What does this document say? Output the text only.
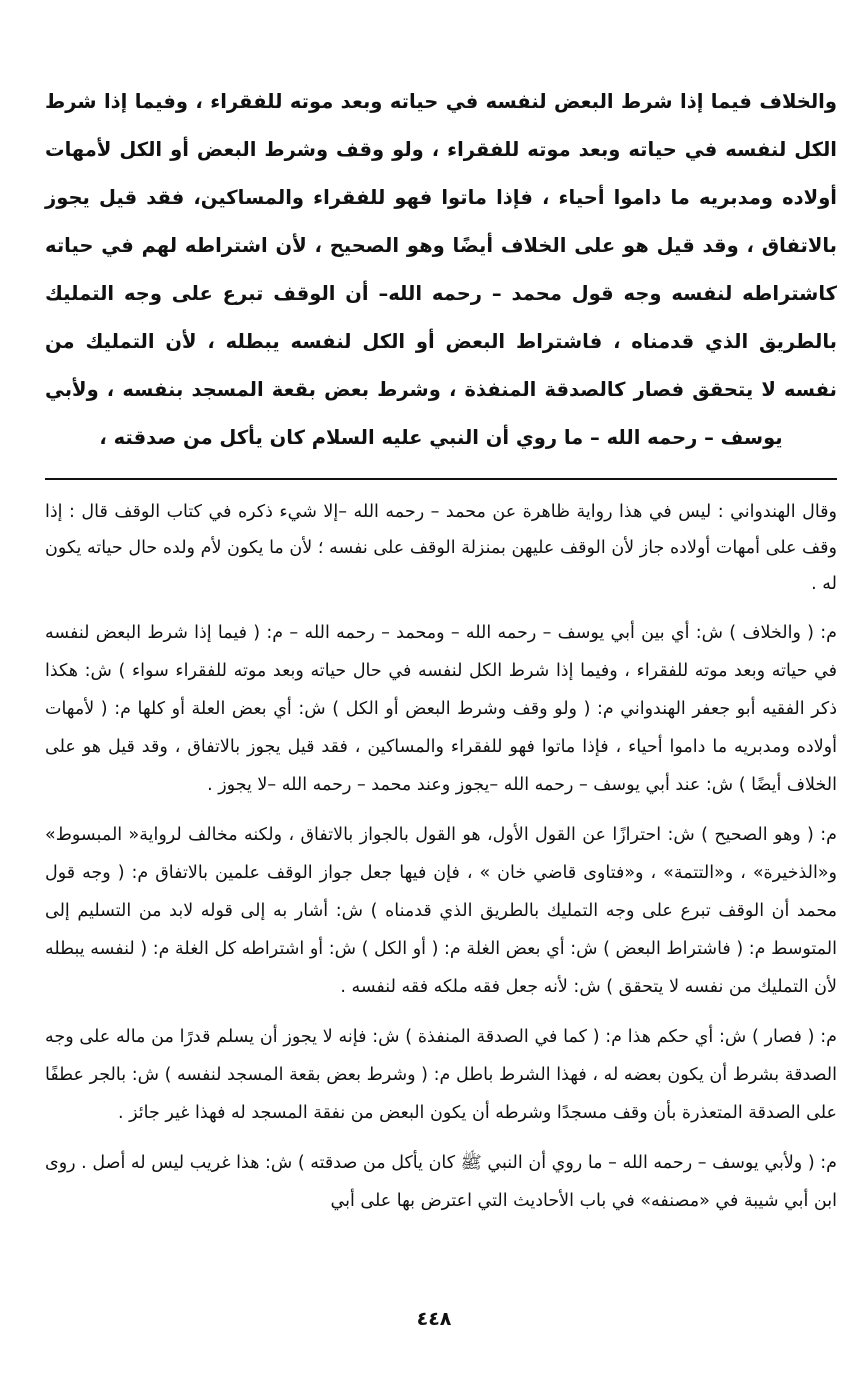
والخلاف فيما إذا شرط البعض لنفسه في حياته وبعد موته للفقراء ، وفيما إذا شرط الكل لنفسه في حياته وبعد موته للفقراء ، ولو وقف وشرط البعض أو الكل لأمهات أولاده ومدبريه ما داموا أحياء ، فإذا ماتوا فهو للفقراء والمساكين، فقد قيل يجوز بالاتفاق ، وقد قيل هو على الخلاف أيضًا وهو الصحيح ، لأن اشتراطه لهم في حياته كاشتراطه لنفسه وجه قول محمد – رحمه الله– أن الوقف تبرع على وجه التمليك بالطريق الذي قدمناه ، فاشتراط البعض أو الكل لنفسه يبطله ، لأن التمليك من نفسه لا يتحقق فصار كالصدقة المنفذة ، وشرط بعض بقعة المسجد بنفسه ، ولأبي يوسف – رحمه الله – ما روي أن النبي عليه السلام كان يأكل من صدقته ،

وقال الهندواني : ليس في هذا رواية ظاهرة عن محمد – رحمه الله –إلا شيء ذكره في كتاب الوقف قال : إذا وقف على أمهات أولاده جاز لأن الوقف عليهن بمنزلة الوقف على نفسه ؛ لأن ما يكون لأم ولده حال حياته يكون له .

م: ( والخلاف ) ش: أي بين أبي يوسف – رحمه الله – ومحمد – رحمه الله – م: ( فيما إذا شرط البعض لنفسه في حياته وبعد موته للفقراء ، وفيما إذا شرط الكل لنفسه في حال حياته وبعد موته للفقراء سواء ) ش: هكذا ذكر الفقيه أبو جعفر الهندواني م: ( ولو وقف وشرط البعض أو الكل ) ش: أي بعض العلة أو كلها م: ( لأمهات أولاده ومدبريه ما داموا أحياء ، فإذا ماتوا فهو للفقراء والمساكين ، فقد قيل يجوز بالاتفاق ، وقد قيل هو على الخلاف أيضًا ) ش: عند أبي يوسف – رحمه الله –يجوز وعند محمد – رحمه الله –لا يجوز .

م: ( وهو الصحيح ) ش: احترازًا عن القول الأول، هو القول بالجواز بالاتفاق ، ولكنه مخالف لرواية« المبسوط» و«الذخيرة» ، و«التتمة» ، و«فتاوى قاضي خان » ، فإن فيها جعل جواز الوقف علمين بالاتفاق م: ( وجه قول محمد أن الوقف تبرع على وجه التمليك بالطريق الذي قدمناه ) ش: أشار به إلى قوله لابد من التسليم إلى المتوسط م: ( فاشتراط البعض ) ش: أي بعض الغلة م: ( أو الكل ) ش: أو اشتراطه كل الغلة م: ( لنفسه يبطله لأن التمليك من نفسه لا يتحقق ) ش: لأنه جعل فقه ملكه فقه لنفسه .

م: ( فصار ) ش: أي حكم هذا م: ( كما في الصدقة المنفذة ) ش: فإنه لا يجوز أن يسلم قدرًا من ماله على وجه الصدقة بشرط أن يكون بعضه له ، فهذا الشرط باطل م: ( وشرط بعض بقعة المسجد لنفسه ) ش: بالجر عطفًا على الصدقة المتعذرة بأن وقف مسجدًا وشرطه أن يكون البعض من نفقة المسجد له فهذا غير جائز .

م: ( ولأبي يوسف – رحمه الله – ما روي أن النبي ﷺ كان يأكل من صدقته ) ش: هذا غريب ليس له أصل . روى ابن أبي شيبة في «مصنفه» في باب الأحاديث التي اعترض بها على أبي

٤٤٨
